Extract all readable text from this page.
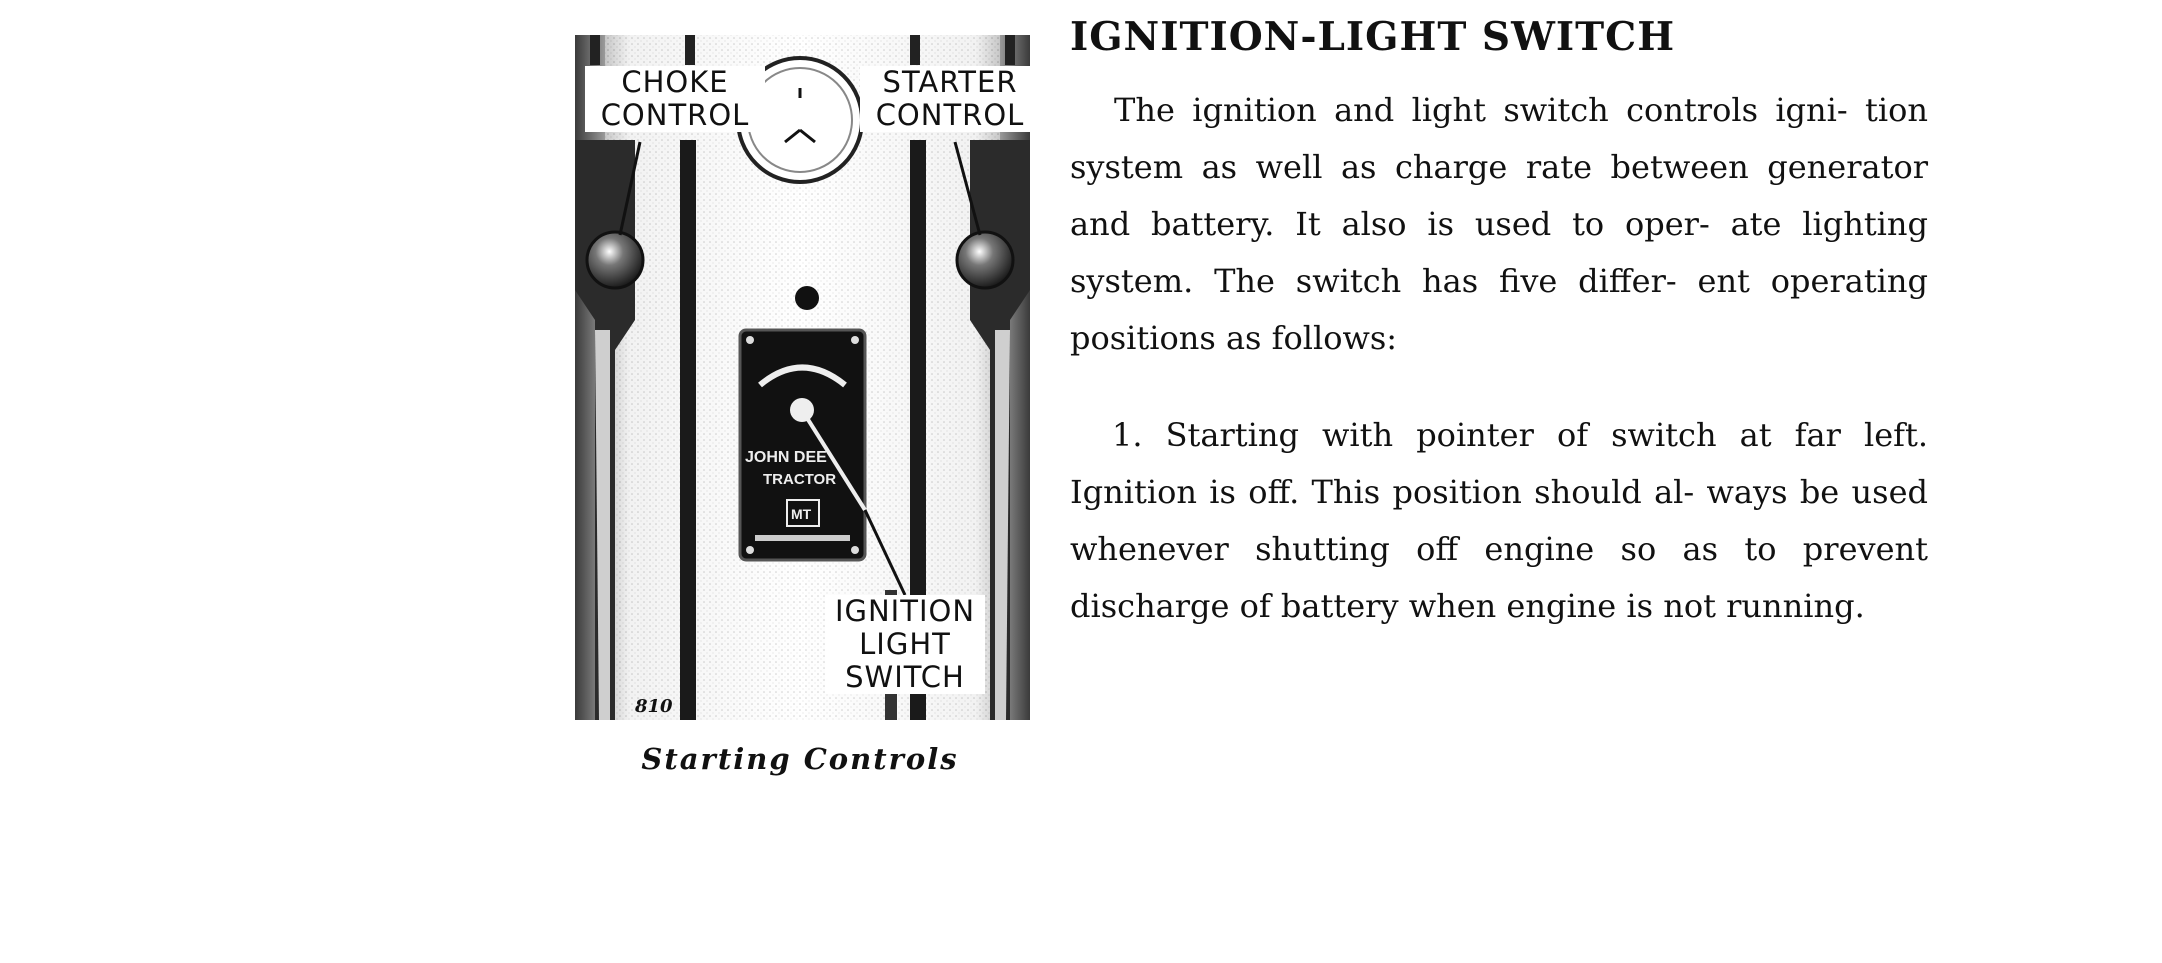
JOHN DEE
TRACTOR
MT
CHOKE
CONTROL
STARTER
CONTROL
IGNITION
LIGHT
SWITCH
810
Starting Controls
IGNITION-LIGHT SWITCH

The ignition and light switch controls igni- tion system as well as charge rate between generator and battery. It also is used to oper- ate lighting system. The switch has five differ- ent operating positions as follows:

1. Starting with pointer of switch at far left. Ignition is off. This position should al- ways be used whenever shutting off engine so as to prevent discharge of battery when engine is not running.
